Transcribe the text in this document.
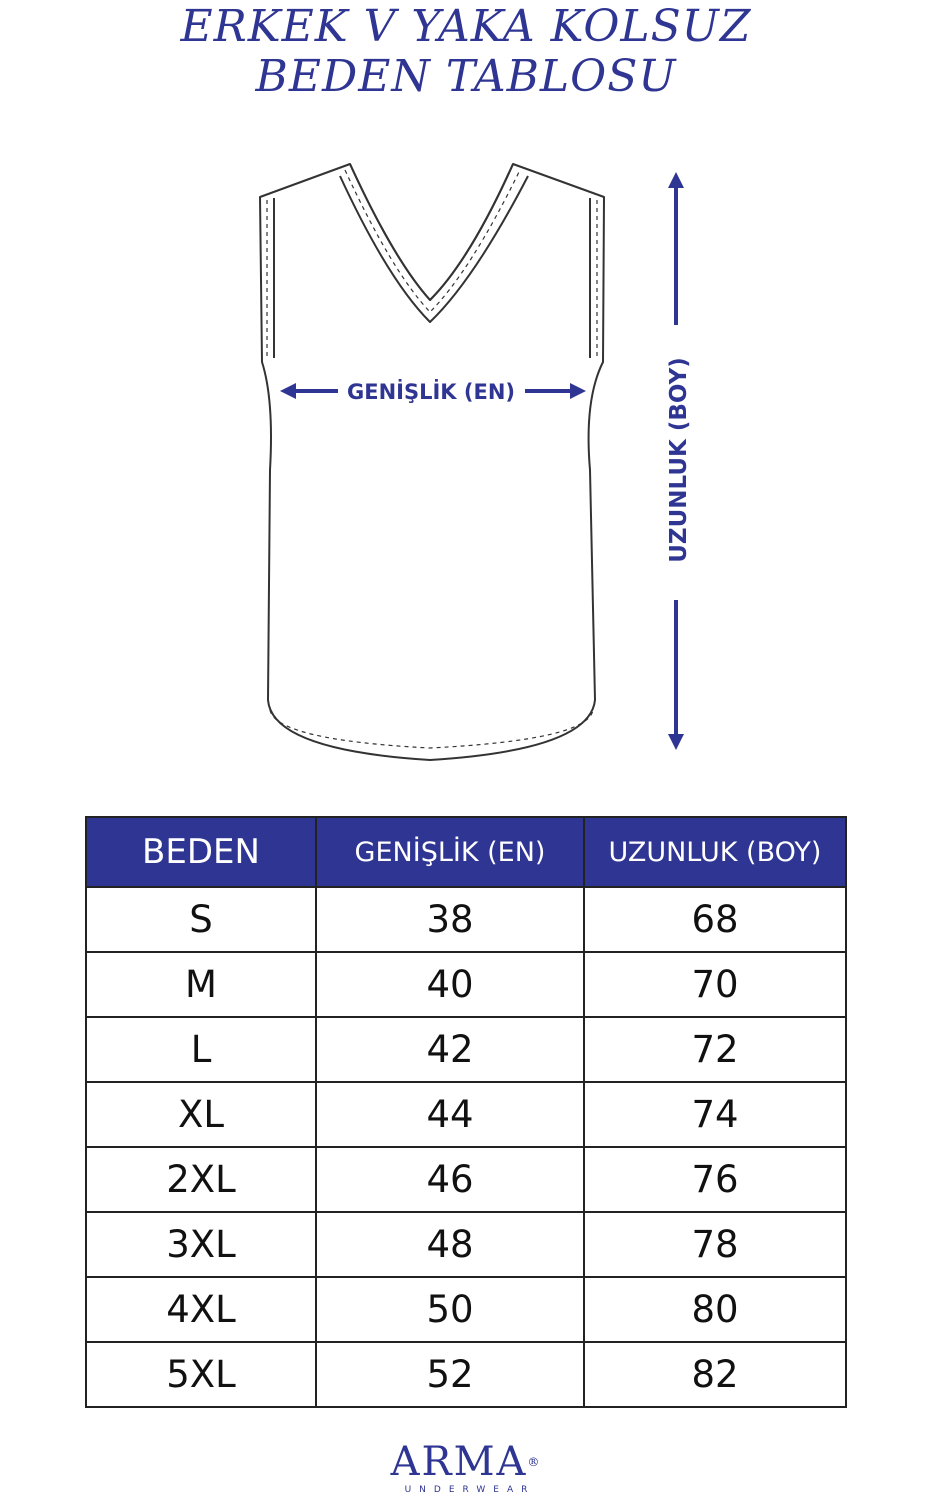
ERKEK V YAKA KOLSUZ
BEDEN TABLOSU
GENİŞLİK (EN)	UZUNLUK (BOY)
BEDEN	GENİŞLİK (EN)	UZUNLUK (BOY)
S	38	68
M	40	70
L	42	72
XL	44	74
2XL	46	76
3XL	48	78
4XL	50	80
5XL	52	82
ARMA®
UNDERWEAR
